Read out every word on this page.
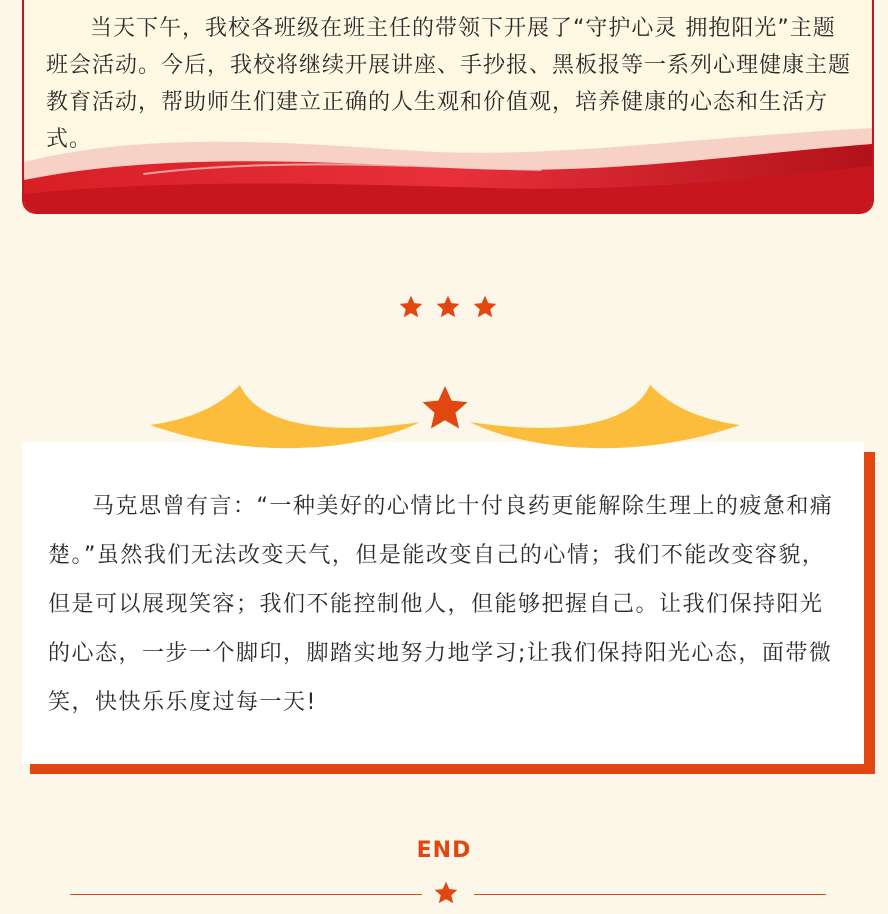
当天下午，我校各班级在班主任的带领下开展了“守护心灵 拥抱阳光”主题班会活动。今后，我校将继续开展讲座、手抄报、黑板报等一系列心理健康主题教育活动，帮助师生们建立正确的人生观和价值观，培养健康的心态和生活方式。

马克思曾有言：“一种美好的心情比十付良药更能解除生理上的疲惫和痛楚。”虽然我们无法改变天气，但是能改变自己的心情；我们不能改变容貌，但是可以展现笑容；我们不能控制他人，但能够把握自己。让我们保持阳光的心态，一步一个脚印，脚踏实地努力地学习;让我们保持阳光心态，面带微笑，快快乐乐度过每一天!

END
